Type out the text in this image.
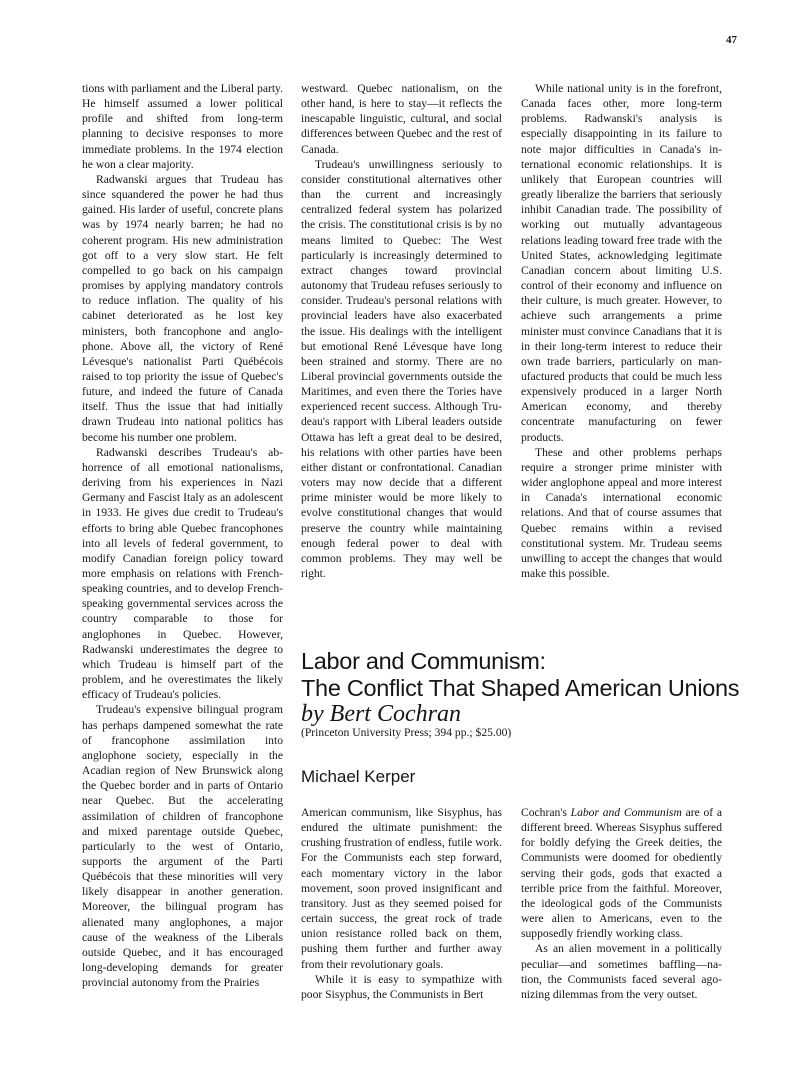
47

tions with parliament and the Liberal party. He himself assumed a lower political profile and shifted from long-term planning to decisive responses to more immediate problems. In the 1974 election he won a clear majority.

Radwanski argues that Trudeau has since squandered the power he had thus gained. His larder of useful, concrete plans was by 1974 nearly barren; he had no coherent program. His new administration got off to a very slow start. He felt compelled to go back on his campaign promises by applying mandatory controls to reduce inflation. The quality of his cabinet deteriorated as he lost key ministers, both francophone and anglophone. Above all, the victory of René Lévesque's nationalist Parti Québécois raised to top priority the issue of Quebec's future, and indeed the future of Canada itself. Thus the issue that had initially drawn Trudeau into national politics has become his number one problem.

Radwanski describes Trudeau's abhorrence of all emotional nationalisms, deriving from his experiences in Nazi Germany and Fascist Italy as an adolescent in 1933. He gives due credit to Trudeau's efforts to bring able Quebec francophones into all levels of federal government, to modify Canadian foreign policy toward more emphasis on relations with French-speaking countries, and to develop French-speaking governmental services across the country comparable to those for anglophones in Quebec. However, Radwanski underestimates the degree to which Trudeau is himself part of the problem, and he overestimates the likely efficacy of Trudeau's policies.

Trudeau's expensive bilingual program has perhaps dampened somewhat the rate of francophone assimilation into anglophone society, especially in the Acadian region of New Brunswick along the Quebec border and in parts of Ontario near Quebec. But the accelerating assimilation of children of francophone and mixed parentage outside Quebec, particularly to the west of Ontario, supports the argument of the Parti Québécois that these minorities will very likely disappear in another generation. Moreover, the bilingual program has alienated many anglophones, a major cause of the weakness of the Liberals outside Quebec, and it has encouraged long-developing demands for greater provincial autonomy from the Prairies

westward. Quebec nationalism, on the other hand, is here to stay—it reflects the inescapable linguistic, cultural, and social differences between Quebec and the rest of Canada.

Trudeau's unwillingness seriously to consider constitutional alternatives other than the current and increasingly centralized federal system has polarized the crisis. The constitutional crisis is by no means limited to Quebec: The West particularly is increasingly determined to extract changes toward provincial autonomy that Trudeau refuses seriously to consider. Trudeau's personal relations with provincial leaders have also exacerbated the issue. His dealings with the intelligent but emotional René Lévesque have long been strained and stormy. There are no Liberal provincial governments outside the Maritimes, and even there the Tories have experienced recent success. Although Trudeau's rapport with Liberal leaders outside Ottawa has left a great deal to be desired, his relations with other parties have been either distant or confrontational. Canadian voters may now decide that a different prime minister would be more likely to evolve constitutional changes that would preserve the country while maintaining enough federal power to deal with common problems. They may well be right.

While national unity is in the forefront, Canada faces other, more long-term problems. Radwanski's analysis is especially disappointing in its failure to note major difficulties in Canada's international economic relationships. It is unlikely that European countries will greatly liberalize the barriers that seriously inhibit Canadian trade. The possibility of working out mutually advantageous relations leading toward free trade with the United States, acknowledging legitimate Canadian concern about limiting U.S. control of their economy and influence on their culture, is much greater. However, to achieve such arrangements a prime minister must convince Canadians that it is in their long-term interest to reduce their own trade barriers, particularly on manufactured products that could be much less expensively produced in a larger North American economy, and thereby concentrate manufacturing on fewer products.

These and other problems perhaps require a stronger prime minister with wider anglophone appeal and more interest in Canada's international economic relations. And that of course assumes that Quebec remains within a revised constitutional system. Mr. Trudeau seems unwilling to accept the changes that would make this possible.

Labor and Communism:
The Conflict That Shaped American Unions
by Bert Cochran
(Princeton University Press; 394 pp.; $25.00)
Michael Kerper

American communism, like Sisyphus, has endured the ultimate punishment: the crushing frustration of endless, futile work. For the Communists each step forward, each momentary victory in the labor movement, soon proved insignificant and transitory. Just as they seemed poised for certain success, the great rock of trade union resistance rolled back on them, pushing them further and further away from their revolutionary goals.

While it is easy to sympathize with poor Sisyphus, the Communists in Bert

Cochran's Labor and Communism are of a different breed. Whereas Sisyphus suffered for boldly defying the Greek deities, the Communists were doomed for obediently serving their gods, gods that exacted a terrible price from the faithful. Moreover, the ideological gods of the Communists were alien to Americans, even to the supposedly friendly working class.

As an alien movement in a politically peculiar—and sometimes baffling—nation, the Communists faced several agonizing dilemmas from the very outset.
